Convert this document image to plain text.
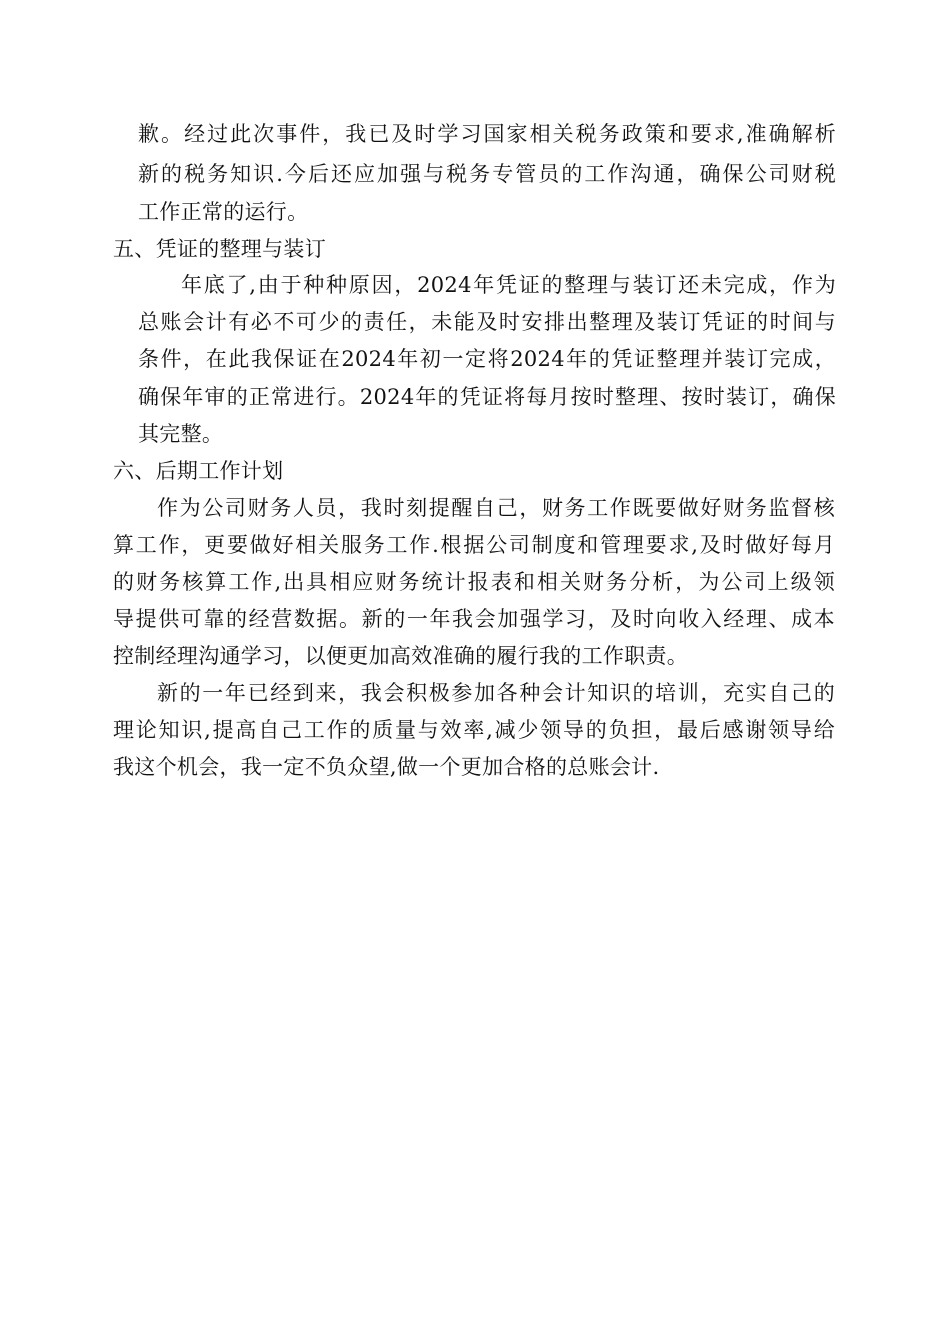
歉。经过此次事件，我已及时学习国家相关税务政策和要求,准确解析
新的税务知识.今后还应加强与税务专管员的工作沟通，确保公司财税
工作正常的运行。
五、凭证的整理与装订
年底了,由于种种原因，2024年凭证的整理与装订还未完成，作为
总账会计有必不可少的责任，未能及时安排出整理及装订凭证的时间与
条件，在此我保证在2024年初一定将2024年的凭证整理并装订完成，
确保年审的正常进行。2024年的凭证将每月按时整理、按时装订，确保
其完整。
六、后期工作计划
作为公司财务人员，我时刻提醒自己，财务工作既要做好财务监督核
算工作，更要做好相关服务工作.根据公司制度和管理要求,及时做好每月
的财务核算工作,出具相应财务统计报表和相关财务分析，为公司上级领
导提供可靠的经营数据。新的一年我会加强学习，及时向收入经理、成本
控制经理沟通学习，以便更加高效准确的履行我的工作职责。
新的一年已经到来，我会积极参加各种会计知识的培训，充实自己的
理论知识,提高自己工作的质量与效率,减少领导的负担，最后感谢领导给
我这个机会，我一定不负众望,做一个更加合格的总账会计.
